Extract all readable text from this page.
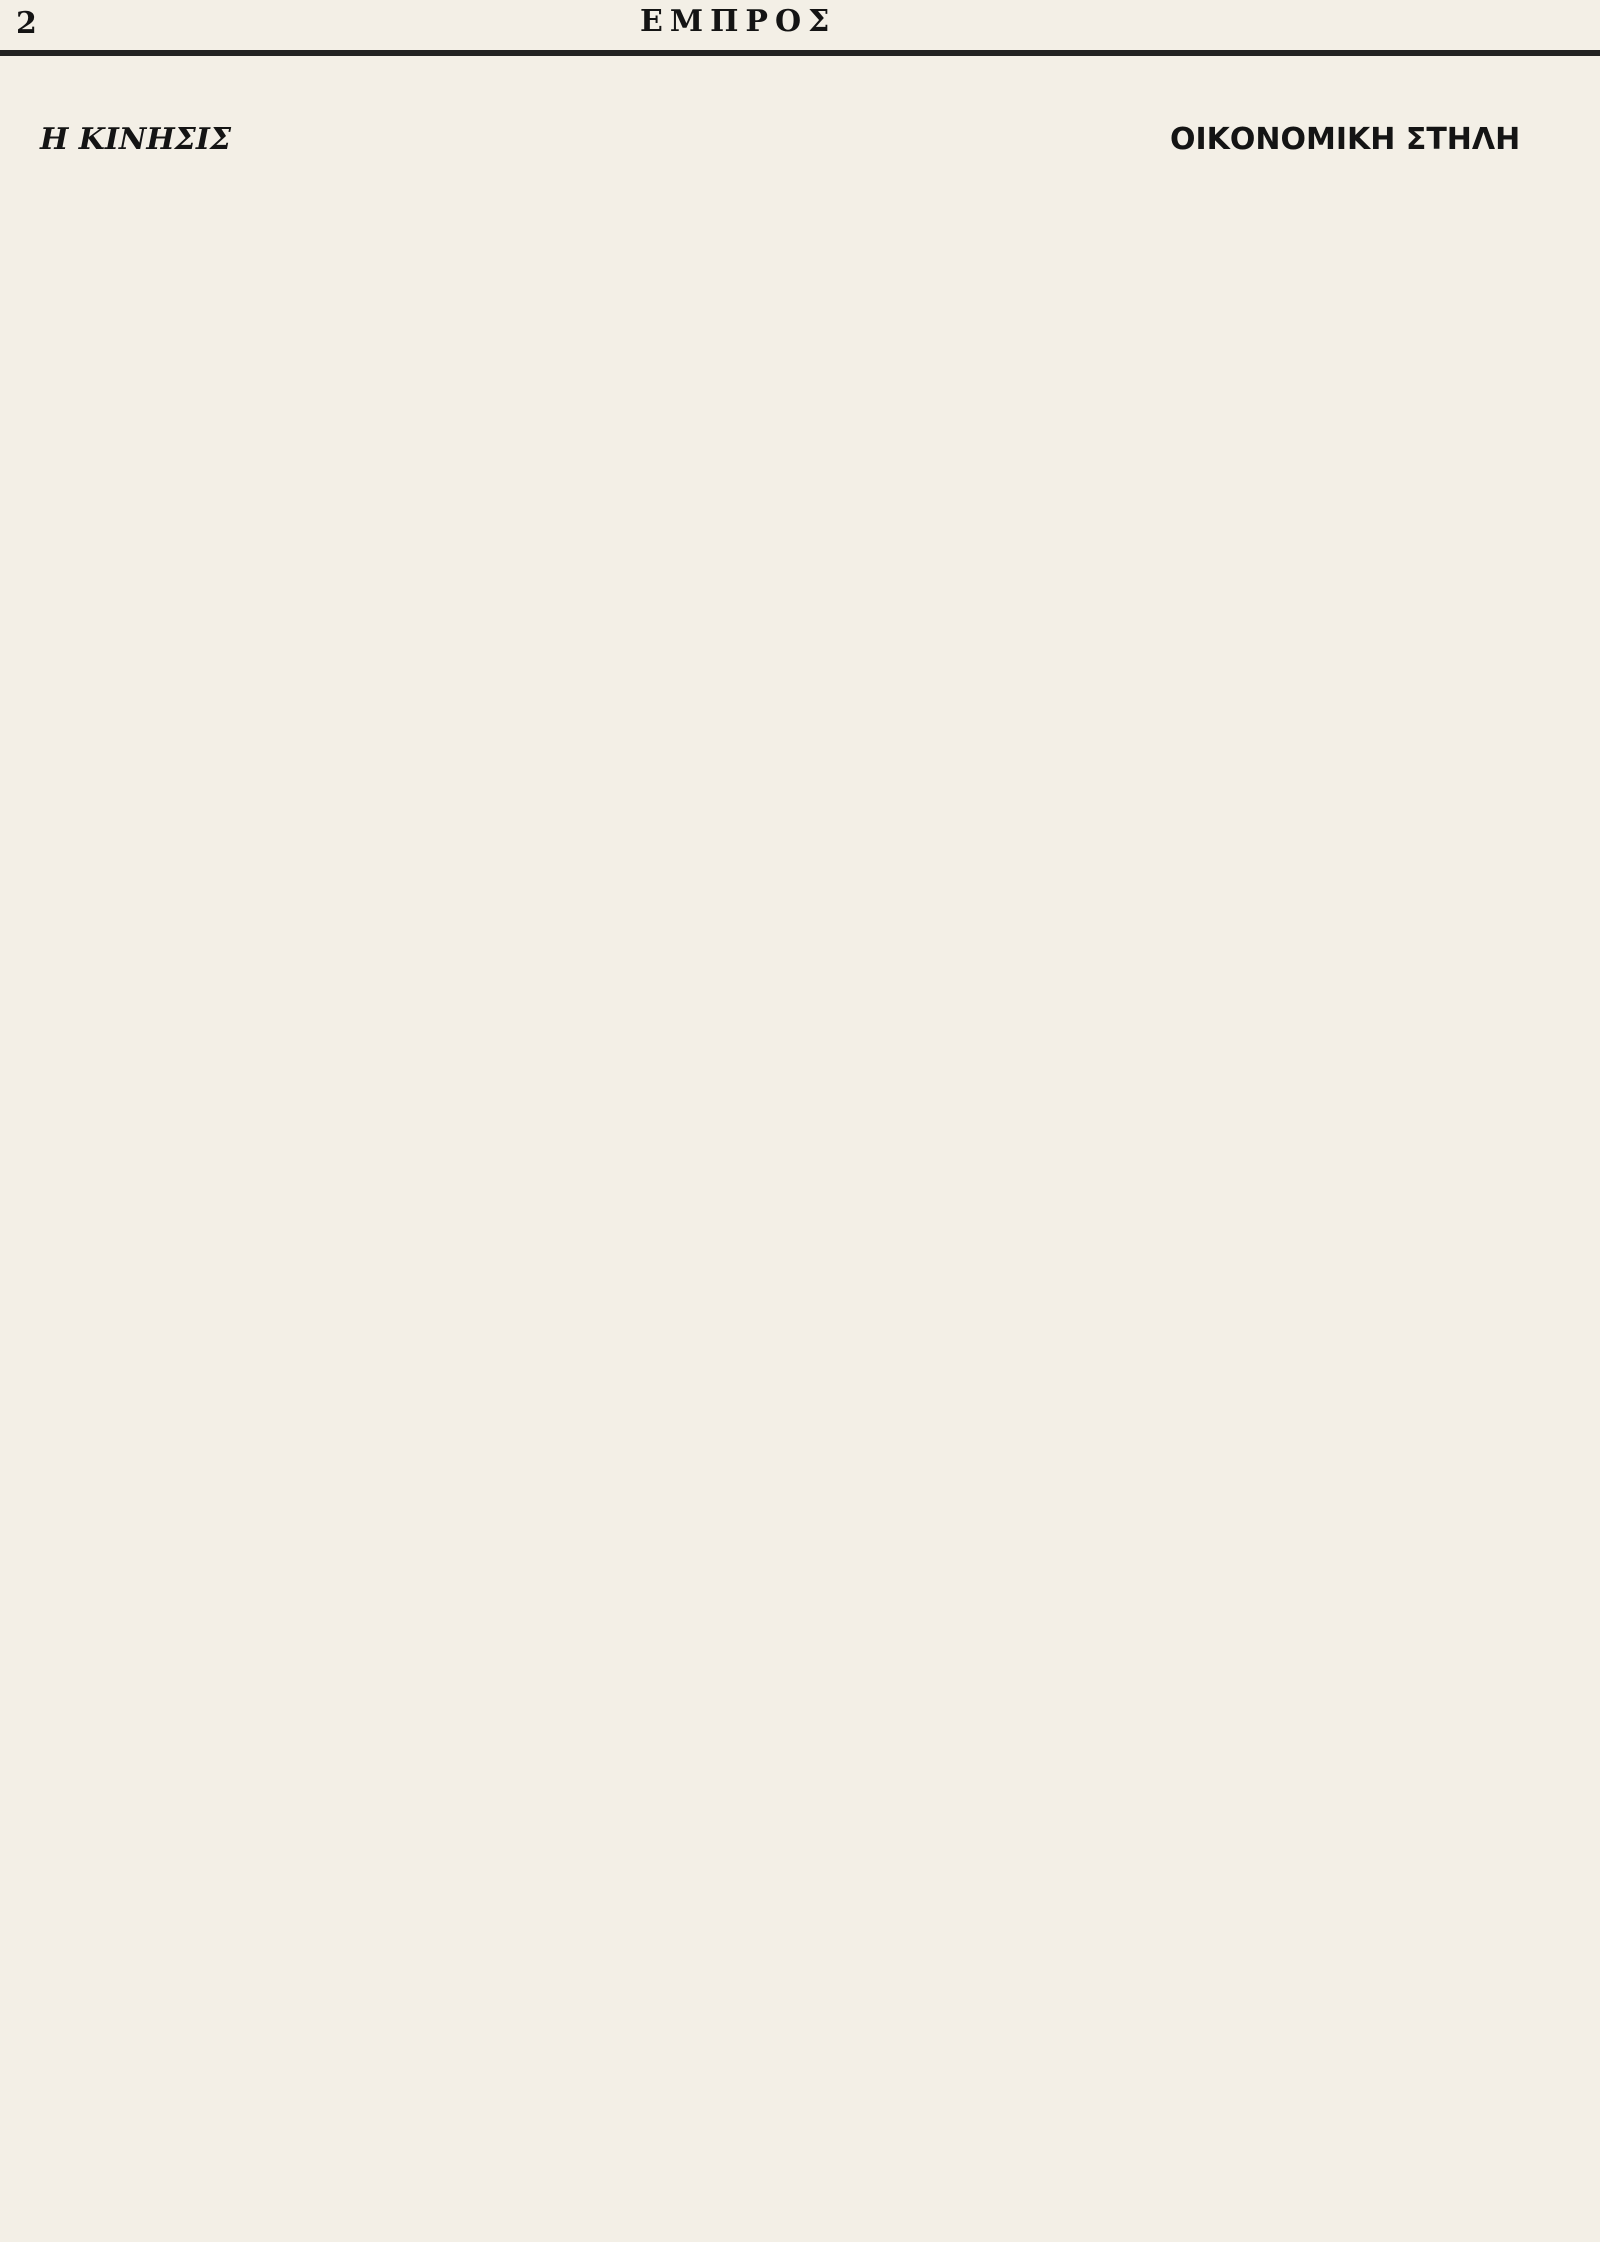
2	ΕΜΠΡΟΣ
Η ΚΙΝΗΣΙΣ	ΟΙΚΟΝΟΜΙΚΗ ΣΤΗΛΗ
